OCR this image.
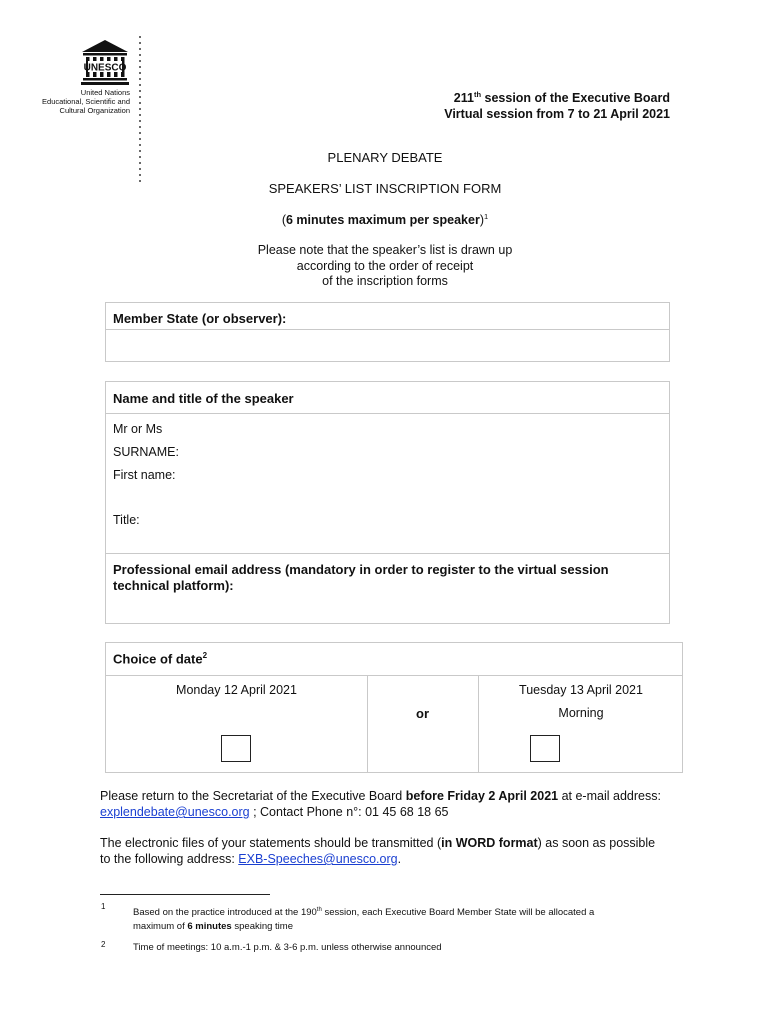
UNESCO
United Nations
Educational, Scientific and
Cultural Organization
211th session of the Executive Board
Virtual session from 7 to 21 April 2021
PLENARY DEBATE
SPEAKERS’ LIST INSCRIPTION FORM
(6 minutes maximum per speaker)$^1$
Please note that the speaker’s list is drawn up
according to the order of receipt
of the inscription forms
Member State (or observer):
Name and title of the speaker
Mr or Ms
SURNAME:
First name:
Title:
Professional email address (mandatory in order to register to the virtual session technical platform):
Choice of date$^2$
Monday 12 April 2021
or
Tuesday 13 April 2021
Morning
Please return to the Secretariat of the Executive Board before Friday 2 April 2021 at e-mail address:
explendebate@unesco.org ; Contact Phone n°: 01 45 68 18 65
The electronic files of your statements should be transmitted (in WORD format) as soon as possible
to the following address: EXB-Speeches@unesco.org.
1
Based on the practice introduced at the 190th session, each Executive Board Member State will be allocated a
maximum of 6 minutes speaking time
2	Time of meetings: 10 a.m.-1 p.m. & 3-6 p.m. unless otherwise announced
